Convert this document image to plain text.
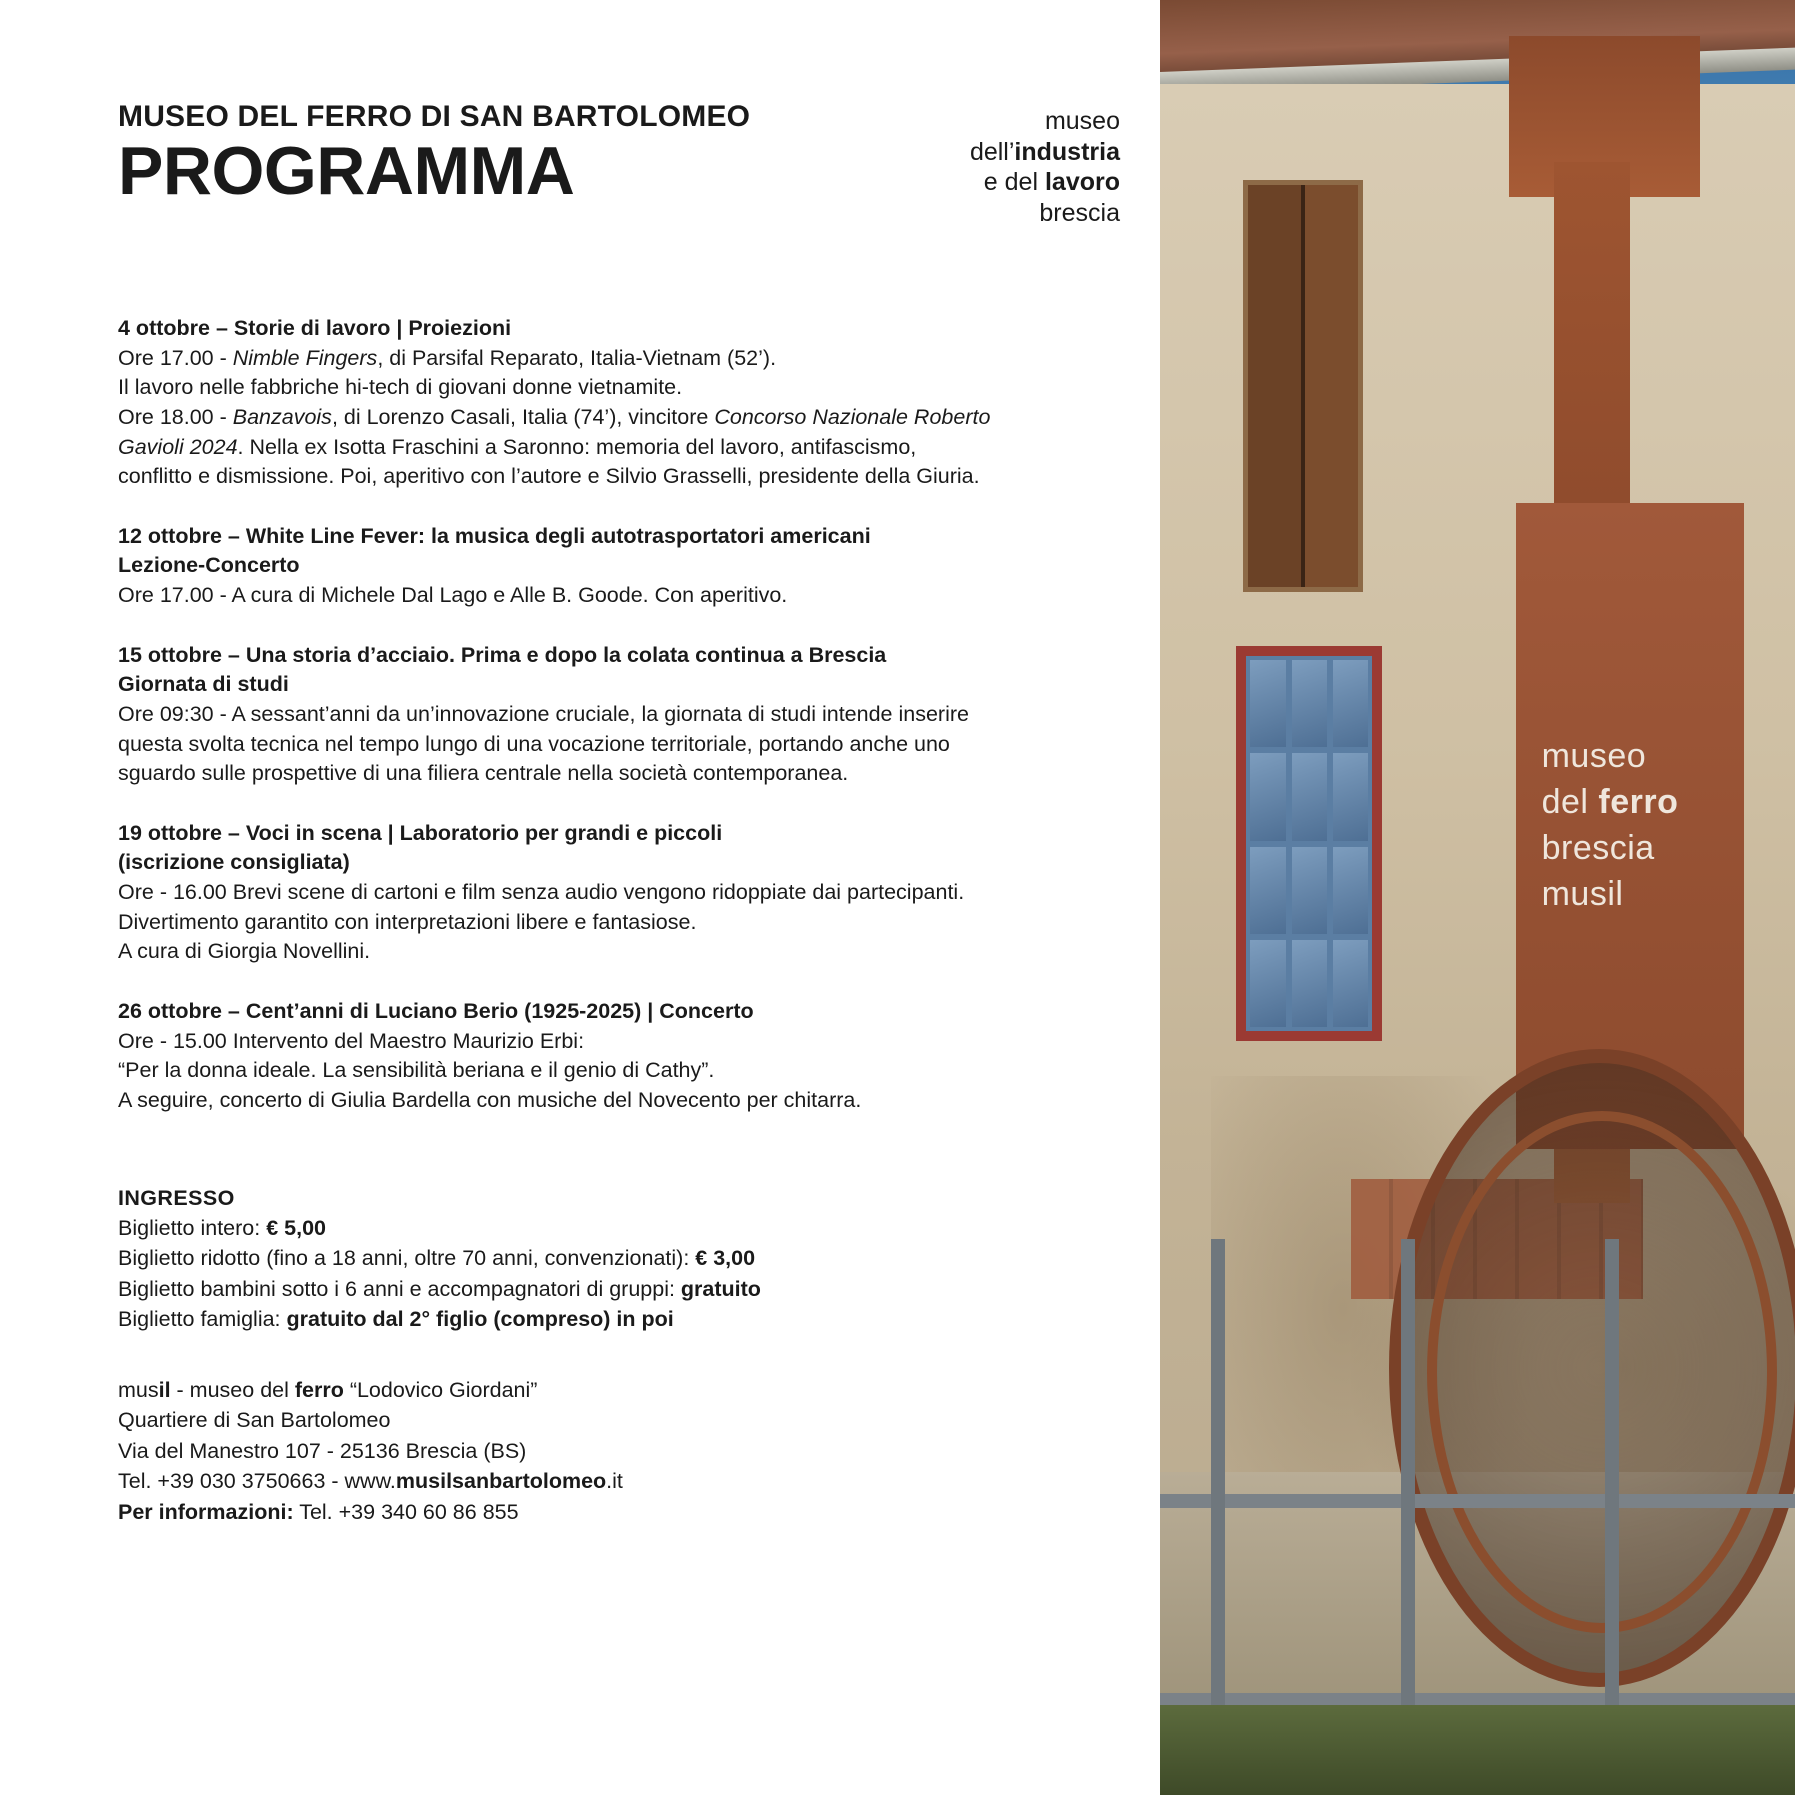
MUSEO DEL FERRO DI SAN BARTOLOMEO
PROGRAMMA
museo
dell’industria
e del lavoro
brescia
4 ottobre – Storie di lavoro | Proiezioni
Ore 17.00 - Nimble Fingers, di Parsifal Reparato, Italia-Vietnam (52’).
Il lavoro nelle fabbriche hi-tech di giovani donne vietnamite.
Ore 18.00 - Banzavois, di Lorenzo Casali, Italia (74’), vincitore Concorso Nazionale Roberto
Gavioli 2024. Nella ex Isotta Fraschini a Saronno: memoria del lavoro, antifascismo,
conflitto e dismissione. Poi, aperitivo con l’autore e Silvio Grasselli, presidente della Giuria.
12 ottobre – White Line Fever: la musica degli autotrasportatori americani
Lezione-Concerto
Ore 17.00 - A cura di Michele Dal Lago e Alle B. Goode. Con aperitivo.
15 ottobre – Una storia d’acciaio. Prima e dopo la colata continua a Brescia
Giornata di studi
Ore 09:30 - A sessant’anni da un’innovazione cruciale, la giornata di studi intende inserire
questa svolta tecnica nel tempo lungo di una vocazione territoriale, portando anche uno
sguardo sulle prospettive di una filiera centrale nella società contemporanea.
19 ottobre – Voci in scena | Laboratorio per grandi e piccoli
(iscrizione consigliata)
Ore - 16.00 Brevi scene di cartoni e film senza audio vengono ridoppiate dai partecipanti.
Divertimento garantito con interpretazioni libere e fantasiose.
A cura di Giorgia Novellini.
26 ottobre – Cent’anni di Luciano Berio (1925-2025) | Concerto
Ore - 15.00 Intervento del Maestro Maurizio Erbi:
“Per la donna ideale. La sensibilità beriana e il genio di Cathy”.
A seguire, concerto di Giulia Bardella con musiche del Novecento per chitarra.
INGRESSO
Biglietto intero: € 5,00
Biglietto ridotto (fino a 18 anni, oltre 70 anni, convenzionati): € 3,00
Biglietto bambini sotto i 6 anni e accompagnatori di gruppi: gratuito
Biglietto famiglia: gratuito dal 2° figlio (compreso) in poi
musil - museo del ferro “Lodovico Giordani”
Quartiere di San Bartolomeo
Via del Manestro 107 - 25136 Brescia (BS)
Tel. +39 030 3750663 - www.musilsanbartolomeo.it
Per informazioni: Tel. +39 340 60 86 855
museo
del ferro
brescia
musil
